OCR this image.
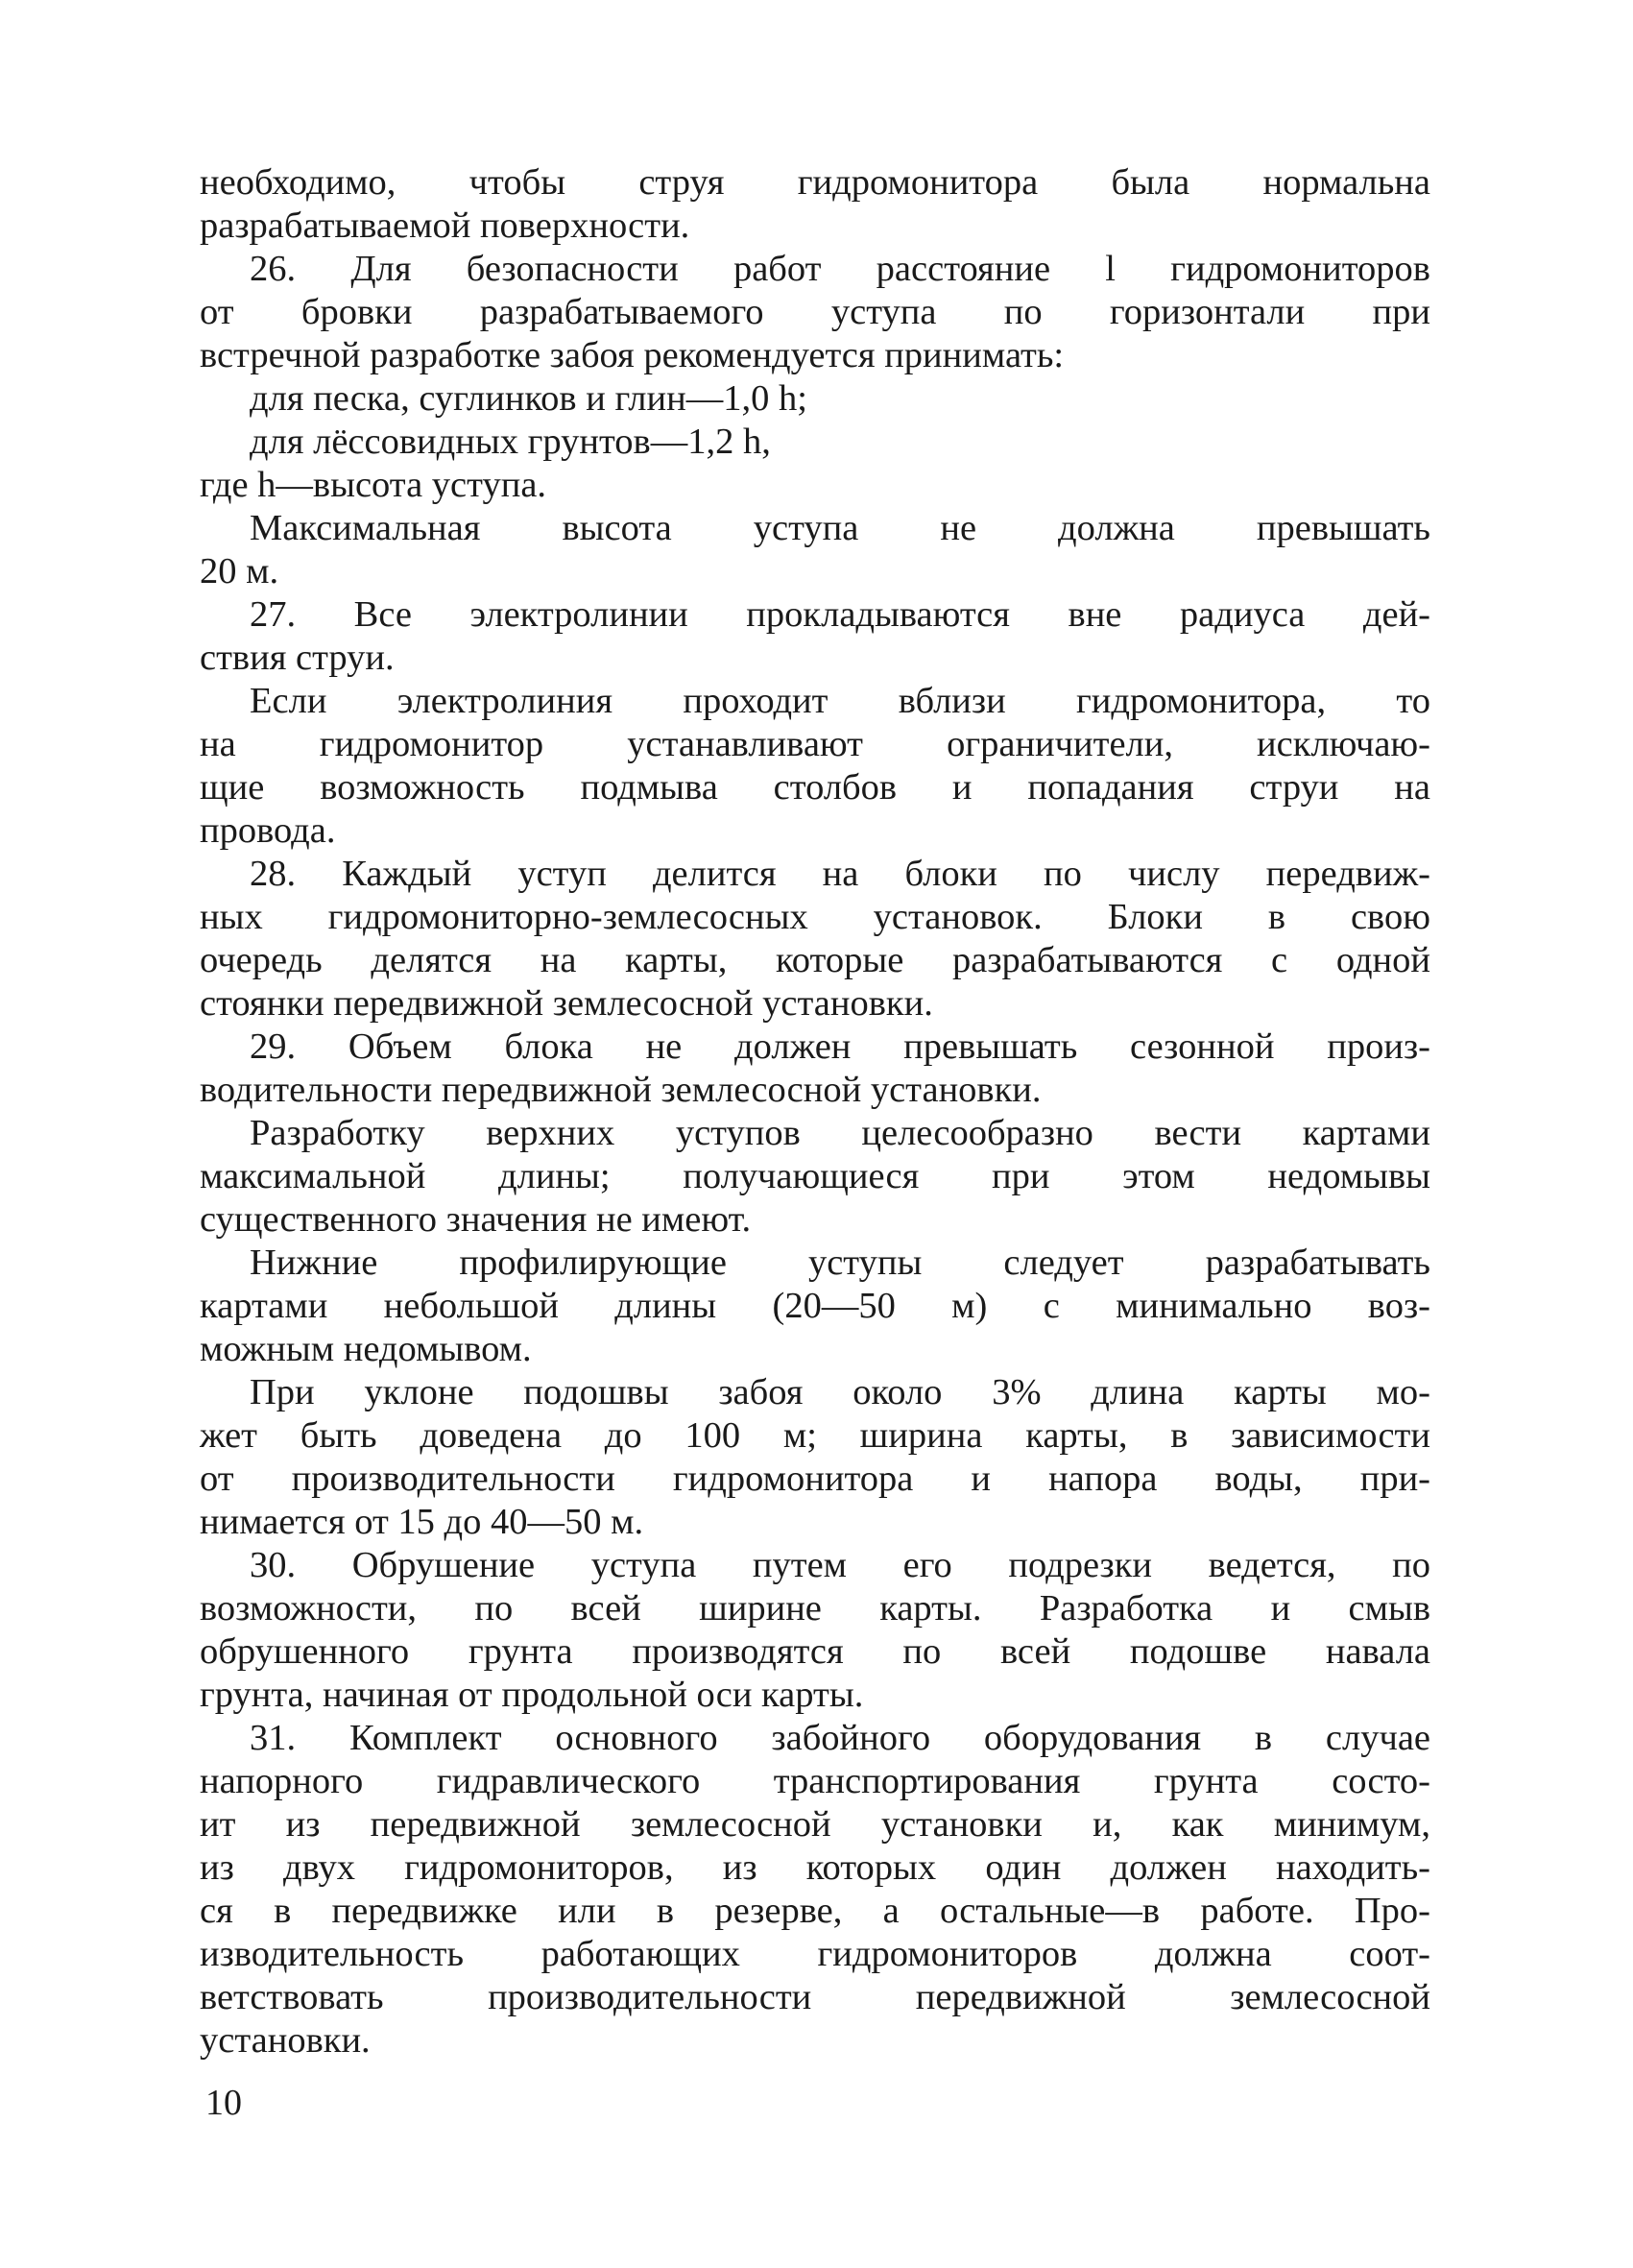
необходимо, чтобы струя гидромонитора была нормальна
разрабатываемой поверхности.
26. Для безопасности работ расстояние l гидромониторов
от бровки разрабатываемого уступа по горизонтали при
встречной разработке забоя рекомендуется принимать:
для песка, суглинков и глин—1,0 h;
для лёссовидных грунтов—1,2 h,
где h—высота уступа.
Максимальная высота уступа не должна превышать
20 м.
27. Все электролинии прокладываются вне радиуса дей-
ствия струи.
Если электролиния проходит вблизи гидромонитора, то
на гидромонитор устанавливают ограничители, исключаю-
щие возможность подмыва столбов и попадания струи на
провода.
28. Каждый уступ делится на блоки по числу передвиж-
ных гидромониторно-землесосных установок. Блоки в свою
очередь делятся на карты, которые разрабатываются с одной
стоянки передвижной землесосной установки.
29. Объем блока не должен превышать сезонной произ-
водительности передвижной землесосной установки.
Разработку верхних уступов целесообразно вести картами
максимальной длины; получающиеся при этом недомывы
существенного значения не имеют.
Нижние профилирующие уступы следует разрабатывать
картами небольшой длины (20—50 м) с минимально воз-
можным недомывом.
При уклоне подошвы забоя около 3% длина карты мо-
жет быть доведена до 100 м; ширина карты, в зависимости
от производительности гидромонитора и напора воды, при-
нимается от 15 до 40—50 м.
30. Обрушение уступа путем его подрезки ведется, по
возможности, по всей ширине карты. Разработка и смыв
обрушенного грунта производятся по всей подошве навала
грунта, начиная от продольной оси карты.
31. Комплект основного забойного оборудования в случае
напорного гидравлического транспортирования грунта состо-
ит из передвижной землесосной установки и, как минимум,
из двух гидромониторов, из которых один должен находить-
ся в передвижке или в резерве, а остальные—в работе. Про-
изводительность работающих гидромониторов должна соот-
ветствовать производительности передвижной землесосной
установки.
10
